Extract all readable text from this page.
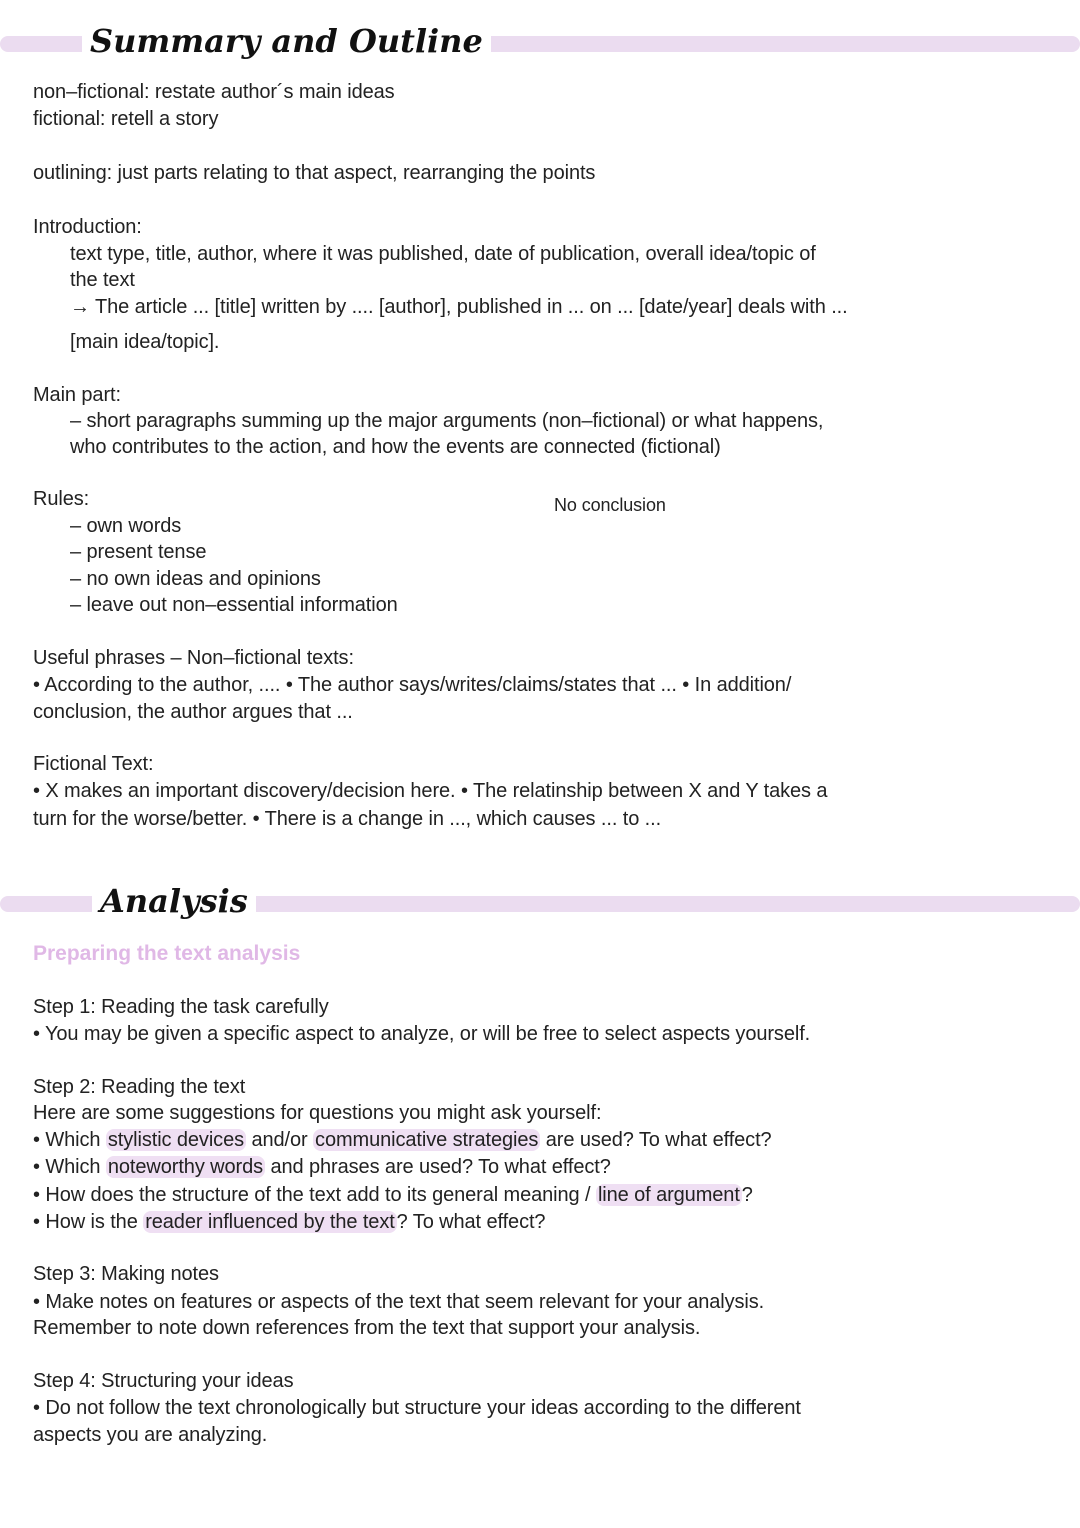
Summary and Outline
non–fictional: restate author´s main ideas
fictional: retell a story
outlining: just parts relating to that aspect, rearranging the points
Introduction:
text type, title, author, where it was published, date of publication, overall idea/topic of
the text
→ The article ... [title] written by .... [author], published in ... on ... [date/year] deals with ...
[main idea/topic].
Main part:
– short paragraphs summing up the major arguments (non–fictional) or what happens,
who contributes to the action, and how the events are connected (fictional)
Rules:	No conclusion
– own words
– present tense
– no own ideas and opinions
– leave out non–essential information
Useful phrases – Non–fictional texts:
• According to the author, .... • The author says/writes/claims/states that ... • In addition/
conclusion, the author argues that ...
Fictional Text:
• X makes an important discovery/decision here. • The relatinship between X and Y takes a
turn for the worse/better. • There is a change in ..., which causes ... to ...
Analysis
Preparing the text analysis
Step 1: Reading the task carefully
• You may be given a specific aspect to analyze, or will be free to select aspects yourself.
Step 2: Reading the text
Here are some suggestions for questions you might ask yourself:
• Which stylistic devices and/or communicative strategies are used? To what effect?
• Which noteworthy words and phrases are used? To what effect?
• How does the structure of the text add to its general meaning / line of argument ?
• How is the reader influenced by the text ? To what effect?
Step 3: Making notes
• Make notes on features or aspects of the text that seem relevant for your analysis.
Remember to note down references from the text that support your analysis.
Step 4: Structuring your ideas
• Do not follow the text chronologically but structure your ideas according to the different
aspects you are analyzing.
